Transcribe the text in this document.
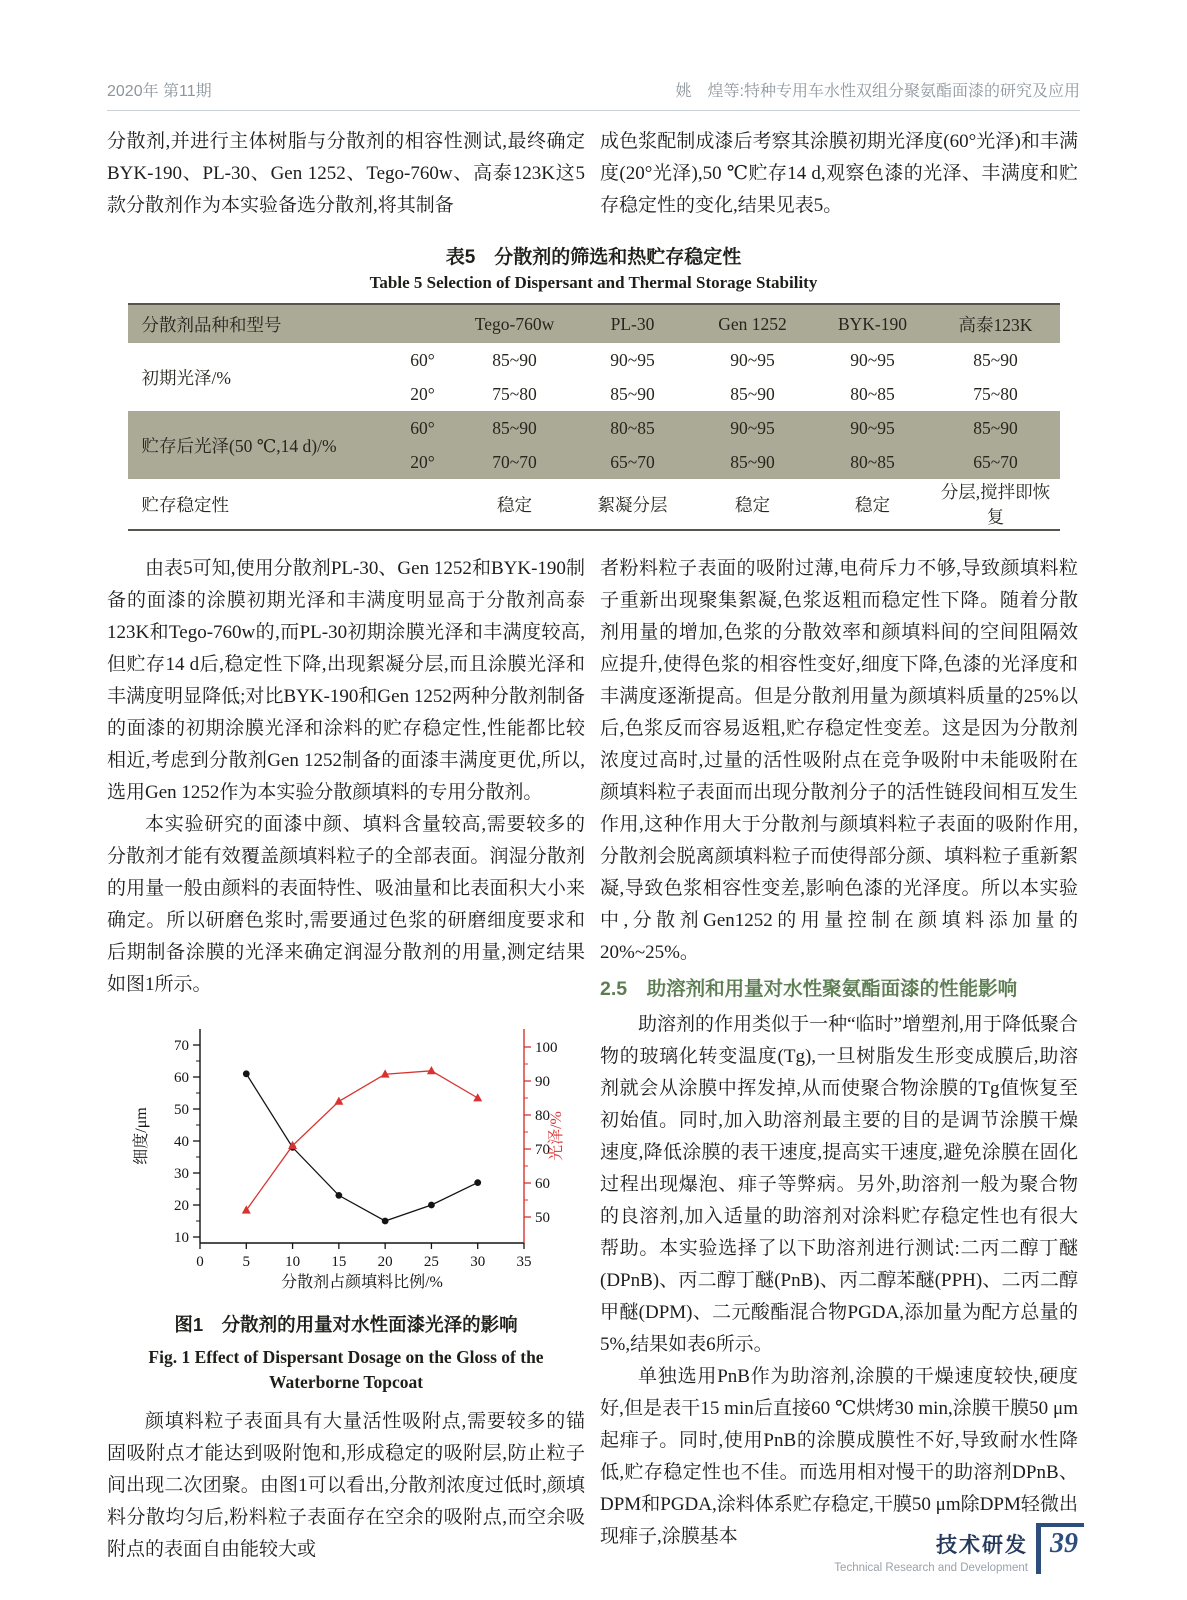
2020年 第11期	姚　煌等:特种专用车水性双组分聚氨酯面漆的研究及应用

分散剂,并进行主体树脂与分散剂的相容性测试,最终确定BYK-190、PL-30、Gen 1252、Tego-760w、高泰123K这5款分散剂作为本实验备选分散剂,将其制备

成色浆配制成漆后考察其涂膜初期光泽度(60°光泽)和丰满度(20°光泽),50 ℃贮存14 d,观察色漆的光泽、丰满度和贮存稳定性的变化,结果见表5。

表5　分散剂的筛选和热贮存稳定性
Table 5 Selection of Dispersant and Thermal Storage Stability
分散剂品种和型号		Tego-760w	PL-30	Gen 1252	BYK-190	高泰123K
初期光泽/%	60°	85~90	90~95	90~95	90~95	85~90
	20°	75~80	85~90	85~90	80~85	75~80
贮存后光泽(50 ℃,14 d)/%	60°	85~90	80~85	90~95	90~95	85~90
	20°	70~70	65~70	85~90	80~85	65~70
贮存稳定性		稳定	絮凝分层	稳定	稳定	分层,搅拌即恢复

由表5可知,使用分散剂PL-30、Gen 1252和BYK-190制备的面漆的涂膜初期光泽和丰满度明显高于分散剂高泰123K和Tego-760w的,而PL-30初期涂膜光泽和丰满度较高,但贮存14 d后,稳定性下降,出现絮凝分层,而且涂膜光泽和丰满度明显降低;对比BYK-190和Gen 1252两种分散剂制备的面漆的初期涂膜光泽和涂料的贮存稳定性,性能都比较相近,考虑到分散剂Gen 1252制备的面漆丰满度更优,所以,选用Gen 1252作为本实验分散颜填料的专用分散剂。

本实验研究的面漆中颜、填料含量较高,需要较多的分散剂才能有效覆盖颜填料粒子的全部表面。润湿分散剂的用量一般由颜料的表面特性、吸油量和比表面积大小来确定。所以研磨色浆时,需要通过色浆的研磨细度要求和后期制备涂膜的光泽来确定润湿分散剂的用量,测定结果如图1所示。

10
20
30
40
50
60
70
50
60
70
80
90
100
0	5 10 15 20 25 30 35
细度/μm	光泽/%
分散剂占颜填料比例/%
图1　分散剂的用量对水性面漆光泽的影响
Fig. 1 Effect of Dispersant Dosage on the Gloss of the Waterborne Topcoat

颜填料粒子表面具有大量活性吸附点,需要较多的锚固吸附点才能达到吸附饱和,形成稳定的吸附层,防止粒子间出现二次团聚。由图1可以看出,分散剂浓度过低时,颜填料分散均匀后,粉料粒子表面存在空余的吸附点,而空余吸附点的表面自由能较大或

者粉料粒子表面的吸附过薄,电荷斥力不够,导致颜填料粒子重新出现聚集絮凝,色浆返粗而稳定性下降。随着分散剂用量的增加,色浆的分散效率和颜填料间的空间阻隔效应提升,使得色浆的相容性变好,细度下降,色漆的光泽度和丰满度逐渐提高。但是分散剂用量为颜填料质量的25%以后,色浆反而容易返粗,贮存稳定性变差。这是因为分散剂浓度过高时,过量的活性吸附点在竞争吸附中未能吸附在颜填料粒子表面而出现分散剂分子的活性链段间相互发生作用,这种作用大于分散剂与颜填料粒子表面的吸附作用,分散剂会脱离颜填料粒子而使得部分颜、填料粒子重新絮凝,导致色浆相容性变差,影响色漆的光泽度。所以本实验中,分散剂Gen1252的用量控制在颜填料添加量的20%~25%。

2.5　助溶剂和用量对水性聚氨酯面漆的性能影响

助溶剂的作用类似于一种“临时”增塑剂,用于降低聚合物的玻璃化转变温度(Tg),一旦树脂发生形变成膜后,助溶剂就会从涂膜中挥发掉,从而使聚合物涂膜的Tg值恢复至初始值。同时,加入助溶剂最主要的目的是调节涂膜干燥速度,降低涂膜的表干速度,提高实干速度,避免涂膜在固化过程出现爆泡、痱子等弊病。另外,助溶剂一般为聚合物的良溶剂,加入适量的助溶剂对涂料贮存稳定性也有很大帮助。本实验选择了以下助溶剂进行测试:二丙二醇丁醚(DPnB)、丙二醇丁醚(PnB)、丙二醇苯醚(PPH)、二丙二醇甲醚(DPM)、二元酸酯混合物PGDA,添加量为配方总量的5%,结果如表6所示。

单独选用PnB作为助溶剂,涂膜的干燥速度较快,硬度好,但是表干15 min后直接60 ℃烘烤30 min,涂膜干膜50 μm起痱子。同时,使用PnB的涂膜成膜性不好,导致耐水性降低,贮存稳定性也不佳。而选用相对慢干的助溶剂DPnB、DPM和PGDA,涂料体系贮存稳定,干膜50 μm除DPM轻微出现痱子,涂膜基本	技术研发
Technical Research and Development
39
